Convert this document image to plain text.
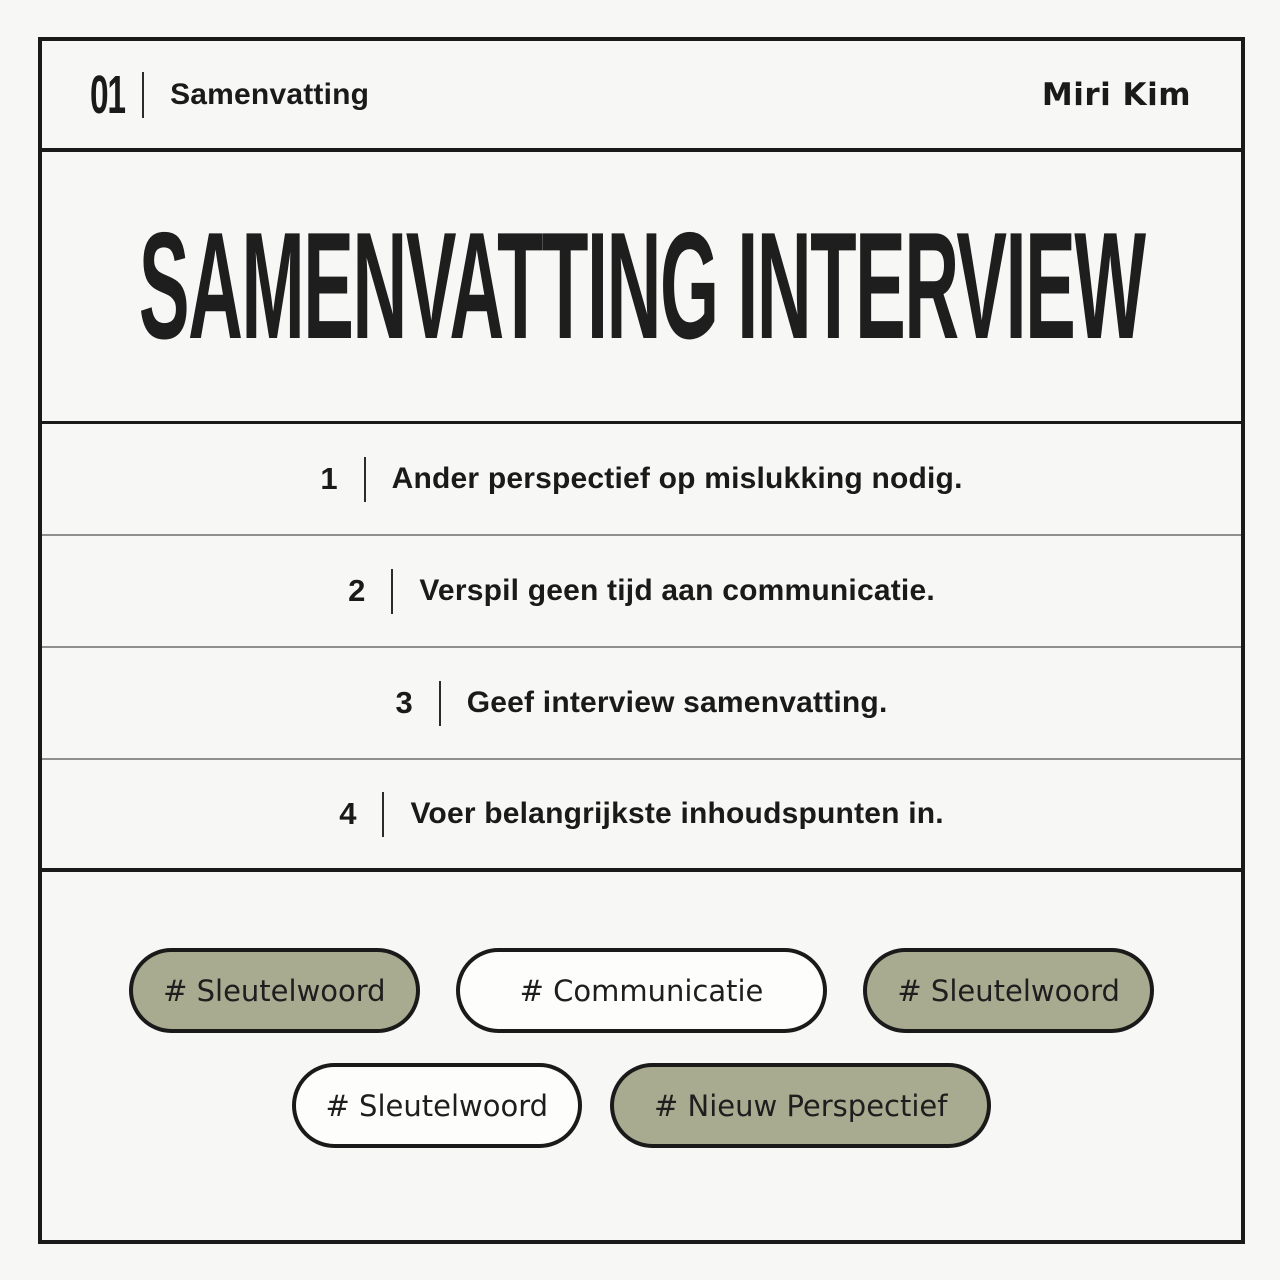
01 Samenvatting	Miri Kim
SAMENVATTING INTERVIEW
1 Ander perspectief op mislukking nodig.
2 Verspil geen tijd aan communicatie.
3 Geef interview samenvatting.
4 Voer belangrijkste inhoudspunten in.
# Sleutelwoord	# Communicatie	# Sleutelwoord
# Sleutelwoord	# Nieuw Perspectief
